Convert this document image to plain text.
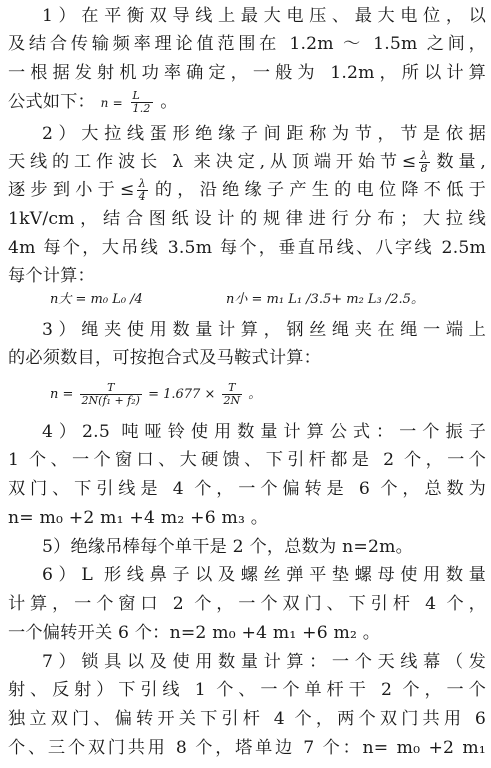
1）在平衡双导线上最大电压、最大电位，以
及结合传输频率理论值范围在 1.2m ～ 1.5m 之间，
一根据发射机功率确定，一般为 1.2m，所以计算
公式如下： $n = \frac{L}{1.2}$ 。
2）大拉线蛋形绝缘子间距称为节，节是依据
天线的工作波长 λ 来决定,从顶端开始节≤ $\frac{\lambda}{8}$ 数量,
逐步到小于≤ $\frac{\lambda}{4}$ 的，沿绝缘子产生的电位降不低于
1kV/cm，结合图纸设计的规律进行分布；大拉线
4m 每个，大吊线 3.5m 每个，垂直吊线、八字线 2.5m
每个计算：
n大 = m₀ L₀ /4	n小 = m₁ L₁ /3.5+ m₂ L₃ /2.5。
3）绳夹使用数量计算，钢丝绳夹在绳一端上
的必须数目，可按抱合式及马鞍式计算：
$n = \frac{T}{\text{2N(f₁ + f₂)}} = 1.677 \times \frac{T}{2N}$ 。
4）2.5 吨哑铃使用数量计算公式：一个振子
1 个、一个窗口、大硬馈、下引杆都是 2 个，一个
双门、下引线是 4 个，一个偏转是 6 个，总数为
n= m₀ +2 m₁ +4 m₂ +6 m₃ 。
5）绝缘吊棒每个单干是 2 个，总数为 n=2m。
6）L 形线鼻子以及螺丝弹平垫螺母使用数量
计算，一个窗口 2 个，一个双门、下引杆 4 个，
一个偏转开关 6 个：n=2 m₀ +4 m₁ +6 m₂ 。
7）锁具以及使用数量计算：一个天线幕（发
射、反射）下引线 1 个、一个单杆干 2 个，一个
独立双门、偏转开关下引杆 4 个，两个双门共用 6
个、三个双门共用 8 个，塔单边 7 个：n= m₀ +2 m₁
